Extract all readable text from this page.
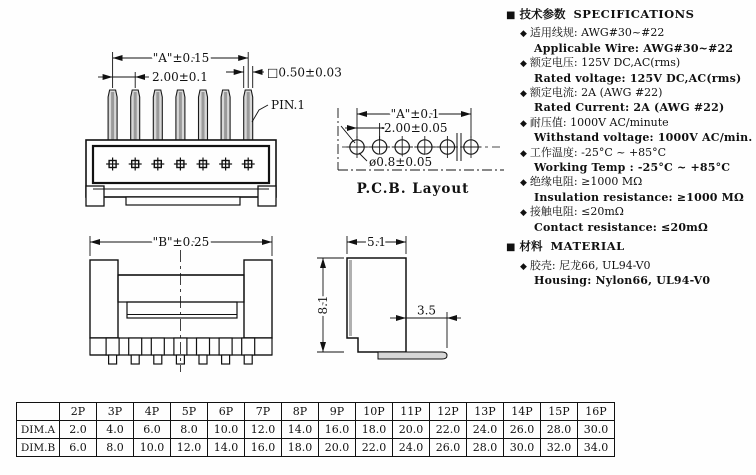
"A"±0.15
2.00±0.1	□0.50±0.03
PIN.1
"A"±0.1
2.00±0.05
ø0.8±0.05
P.C.B. Layout
"B"±0.25	5.1
8.1	3.5
■ 技术参数 SPECIFICATIONS
◆ 适用线规: AWG#30~#22
Applicable Wire: AWG#30~#22
◆ 额定电压: 125V DC,AC(rms)
Rated voltage: 125V DC,AC(rms)
◆ 额定电流: 2A (AWG #22)
Rated Current: 2A (AWG #22)
◆ 耐压值: 1000V AC/minute
Withstand voltage: 1000V AC/min.
◆ 工作温度: -25°C ~ +85°C
Working Temp : -25°C ~ +85°C
◆ 绝缘电阻: ≥1000 MΩ
Insulation resistance: ≥1000 MΩ
◆ 接触电阻: ≤20mΩ
Contact resistance: ≤20mΩ
■ 材料 MATERIAL
◆ 胶壳: 尼龙66, UL94-V0
Housing: Nylon66, UL94-V0
	2P	3P	4P	5P	6P	7P	8P	9P	10P	11P	12P	13P	14P	15P	16P
DIM.A	2.0	4.0	6.0	8.0	10.0	12.0	14.0	16.0	18.0	20.0	22.0	24.0	26.0	28.0	30.0
DIM.B	6.0	8.0	10.0	12.0	14.0	16.0	18.0	20.0	22.0	24.0	26.0	28.0	30.0	32.0	34.0
